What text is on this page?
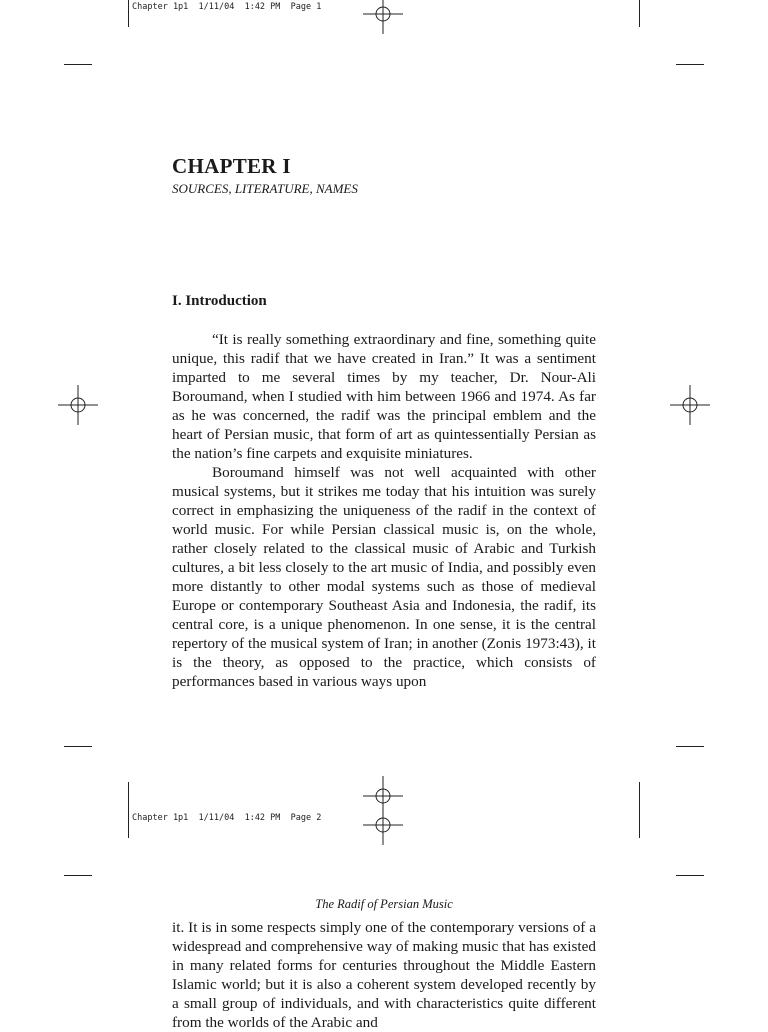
Chapter 1p1  1/11/04  1:42 PM  Page 1
CHAPTER I
SOURCES, LITERATURE, NAMES
I. Introduction

“It is really something extraordinary and fine, something quite unique, this radif that we have created in Iran.” It was a sentiment imparted to me several times by my teacher, Dr. Nour-Ali Boroumand, when I studied with him between 1966 and 1974. As far as he was concerned, the radif was the principal emblem and the heart of Persian music, that form of art as quintessentially Persian as the nation’s fine carpets and exquisite miniatures.

Boroumand himself was not well acquainted with other musical systems, but it strikes me today that his intuition was surely correct in emphasizing the uniqueness of the radif in the context of world music. For while Persian classical music is, on the whole, rather closely related to the classical music of Arabic and Turkish cultures, a bit less closely to the art music of India, and possibly even more distantly to other modal systems such as those of medieval Europe or contemporary Southeast Asia and Indonesia, the radif, its central core, is a unique phenomenon. In one sense, it is the central repertory of the musical system of Iran; in another (Zonis 1973:43), it is the theory, as opposed to the practice, which consists of performances based in various ways upon

Chapter 1p1  1/11/04  1:42 PM  Page 2
The Radif of Persian Music

it. It is in some respects simply one of the contemporary versions of a widespread and comprehensive way of making music that has existed in many related forms for centuries throughout the Middle Eastern Islamic world; but it is also a coherent system developed recently by a small group of individuals, and with characteristics quite different from the worlds of the Arabic and
